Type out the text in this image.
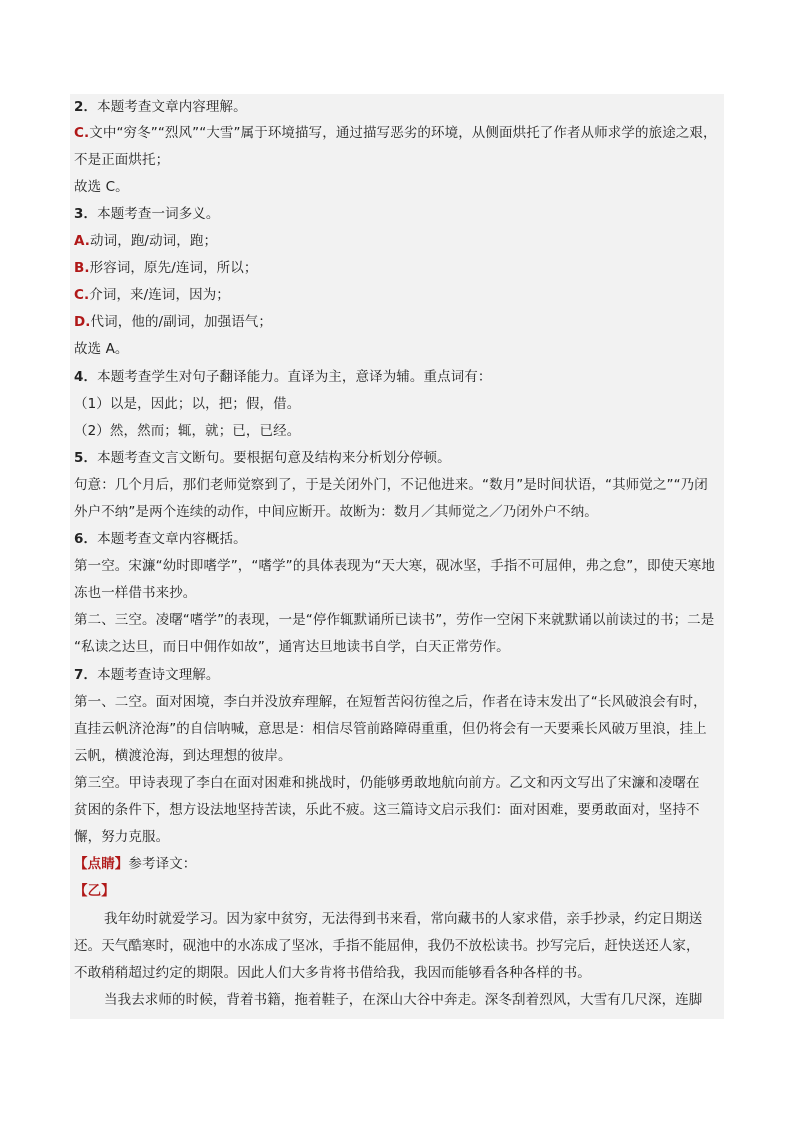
2．本题考查文章内容理解。
C.文中“穷冬”“烈风”“大雪”属于环境描写，通过描写恶劣的环境，从侧面烘托了作者从师求学的旅途之艰，
不是正面烘托；
故选 C。
3．本题考查一词多义。
A.动词，跑/动词，跑；
B.形容词，原先/连词，所以；
C.介词，来/连词，因为；
D.代词，他的/副词，加强语气；
故选 A。
4．本题考查学生对句子翻译能力。直译为主，意译为辅。重点词有：
（1）以是，因此；以，把；假，借。
（2）然，然而；辄，就；已，已经。
5．本题考查文言文断句。要根据句意及结构来分析划分停顿。
句意：几个月后，那们老师觉察到了，于是关闭外门，不记他进来。“数月”是时间状语，“其师觉之”“乃闭
外户不纳”是两个连续的动作，中间应断开。故断为：数月／其师觉之／乃闭外户不纳。
6．本题考查文章内容概括。
第一空。宋濂“幼时即嗜学”，“嗜学”的具体表现为“天大寒，砚冰坚，手指不可屈伸，弗之怠”，即使天寒地
冻也一样借书来抄。
第二、三空。凌曙“嗜学”的表现，一是“停作辄默诵所已读书”，劳作一空闲下来就默诵以前读过的书；二是
“私读之达旦，而日中佣作如故”，通宵达旦地读书自学，白天正常劳作。
7．本题考查诗文理解。
第一、二空。面对困境，李白并没放弃理解，在短暂苦闷彷徨之后，作者在诗末发出了“长风破浪会有时，
直挂云帆济沧海”的自信呐喊，意思是：相信尽管前路障碍重重，但仍将会有一天要乘长风破万里浪，挂上
云帆，横渡沧海，到达理想的彼岸。
第三空。甲诗表现了李白在面对困难和挑战时，仍能够勇敢地航向前方。乙文和丙文写出了宋濂和凌曙在
贫困的条件下，想方设法地坚持苦读，乐此不疲。这三篇诗文启示我们：面对困难，要勇敢面对，坚持不
懈，努力克服。
【点睛】参考译文：
【乙】
我年幼时就爱学习。因为家中贫穷，无法得到书来看，常向藏书的人家求借，亲手抄录，约定日期送
还。天气酷寒时，砚池中的水冻成了坚冰，手指不能屈伸，我仍不放松读书。抄写完后，赶快送还人家，
不敢稍稍超过约定的期限。因此人们大多肯将书借给我，我因而能够看各种各样的书。
当我去求师的时候，背着书籍，拖着鞋子，在深山大谷中奔走。深冬刮着烈风，大雪有几尺深，连脚
